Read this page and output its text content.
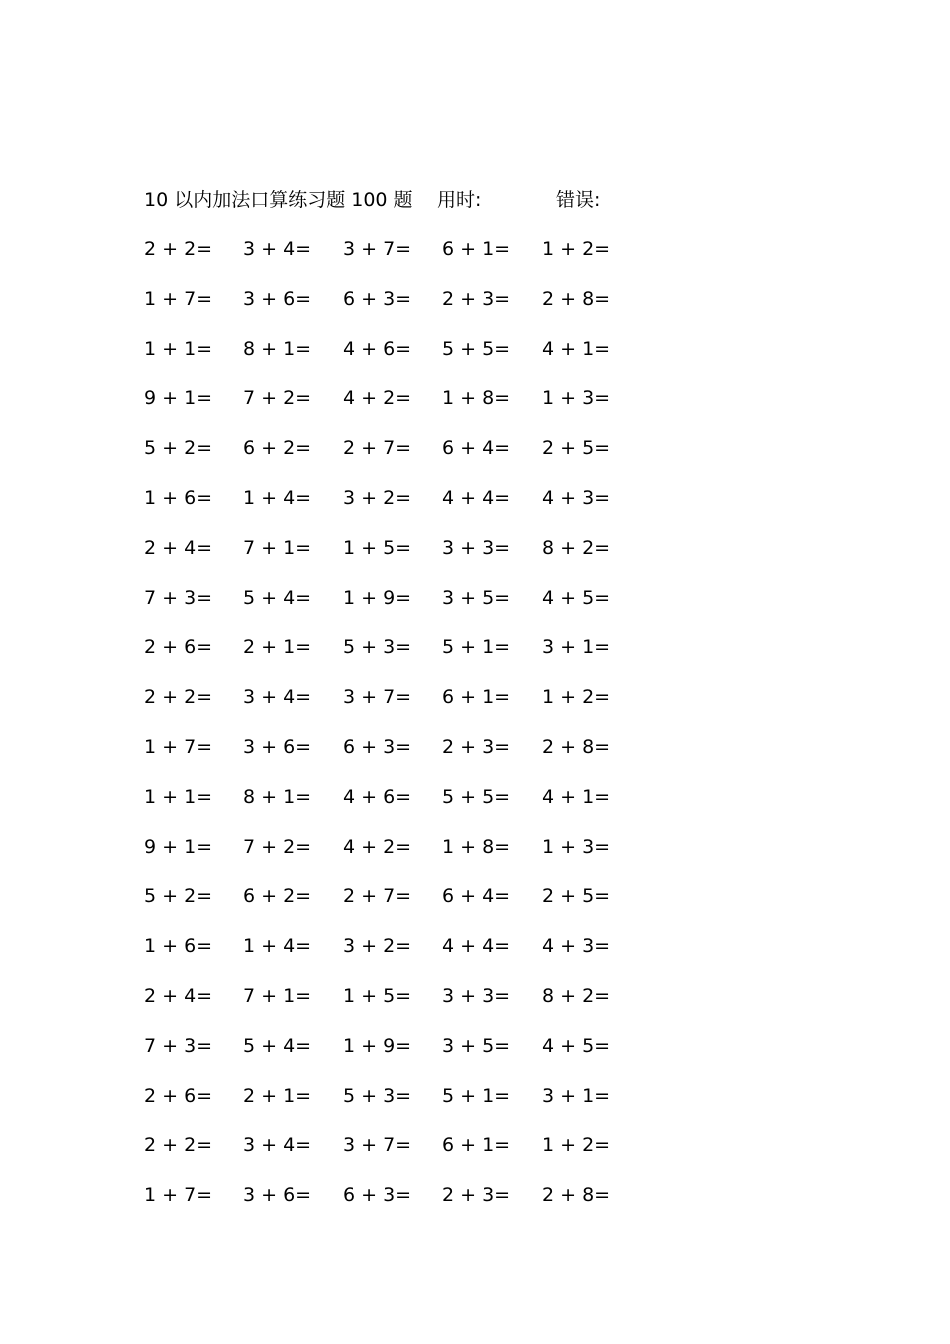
10 以内加法口算练习题 100 题 用时:	错误:
2 + 2= 3 + 4= 3 + 7= 6 + 1= 1 + 2=
1 + 7= 3 + 6= 6 + 3= 2 + 3= 2 + 8=
1 + 1= 8 + 1= 4 + 6= 5 + 5= 4 + 1=
9 + 1= 7 + 2= 4 + 2= 1 + 8= 1 + 3=
5 + 2= 6 + 2= 2 + 7= 6 + 4= 2 + 5=
1 + 6= 1 + 4= 3 + 2= 4 + 4= 4 + 3=
2 + 4= 7 + 1= 1 + 5= 3 + 3= 8 + 2=
7 + 3= 5 + 4= 1 + 9= 3 + 5= 4 + 5=
2 + 6= 2 + 1= 5 + 3= 5 + 1= 3 + 1=
2 + 2= 3 + 4= 3 + 7= 6 + 1= 1 + 2=
1 + 7= 3 + 6= 6 + 3= 2 + 3= 2 + 8=
1 + 1= 8 + 1= 4 + 6= 5 + 5= 4 + 1=
9 + 1= 7 + 2= 4 + 2= 1 + 8= 1 + 3=
5 + 2= 6 + 2= 2 + 7= 6 + 4= 2 + 5=
1 + 6= 1 + 4= 3 + 2= 4 + 4= 4 + 3=
2 + 4= 7 + 1= 1 + 5= 3 + 3= 8 + 2=
7 + 3= 5 + 4= 1 + 9= 3 + 5= 4 + 5=
2 + 6= 2 + 1= 5 + 3= 5 + 1= 3 + 1=
2 + 2= 3 + 4= 3 + 7= 6 + 1= 1 + 2=
1 + 7= 3 + 6= 6 + 3= 2 + 3= 2 + 8=
